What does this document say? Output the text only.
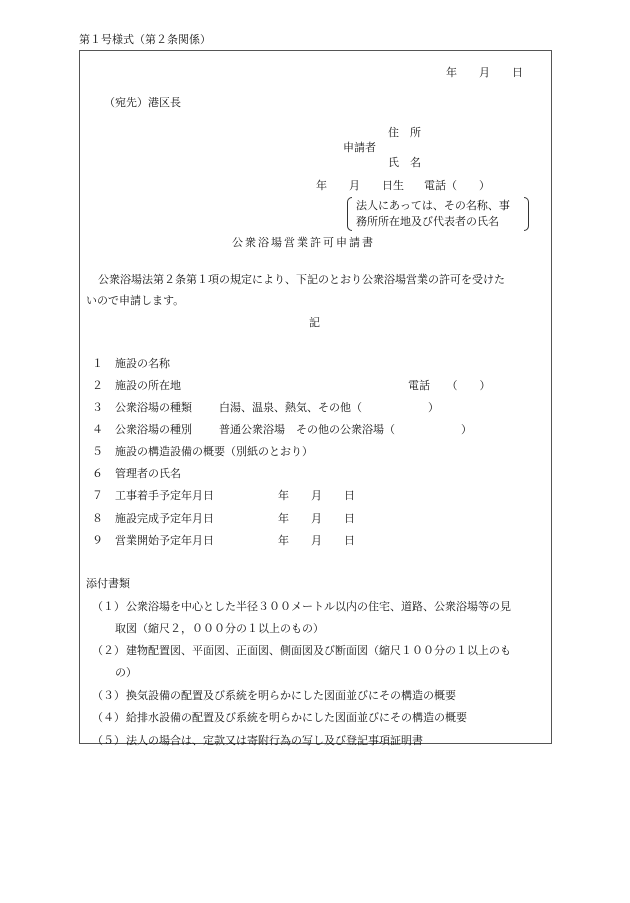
第１号様式（第２条関係）
年　　月　　日
（宛先）港区長
住　所
申請者
氏　名
年　　月　　日生 電話（　　）
法人にあっては、その名称、事
務所所在地及び代表者の氏名
公衆浴場営業許可申請書
公衆浴場法第２条第１項の規定により、下記のとおり公衆浴場営業の許可を受けた
いので申請します。
記
１ 施設の名称
２ 施設の所在地	電話　　（　　）
３ 公衆浴場の種類 白湯、温泉、熱気、その他（　　　　　　）
４ 公衆浴場の種別 普通公衆浴場　その他の公衆浴場（　　　　　　）
５ 施設の構造設備の概要（別紙のとおり）
６ 管理者の氏名
７ 工事着手予定年月日	年　　月　　日
８ 施設完成予定年月日	年　　月　　日
９ 営業開始予定年月日	年　　月　　日
添付書類
（１） 公衆浴場を中心とした半径３００メートル以内の住宅、道路、公衆浴場等の見
取図（縮尺２，０００分の１以上のもの）
（２） 建物配置図、平面図、正面図、側面図及び断面図（縮尺１００分の１以上のも
の）
（３） 換気設備の配置及び系統を明らかにした図面並びにその構造の概要
（４） 給排水設備の配置及び系統を明らかにした図面並びにその構造の概要
（５） 法人の場合は、定款又は寄附行為の写し及び登記事項証明書
